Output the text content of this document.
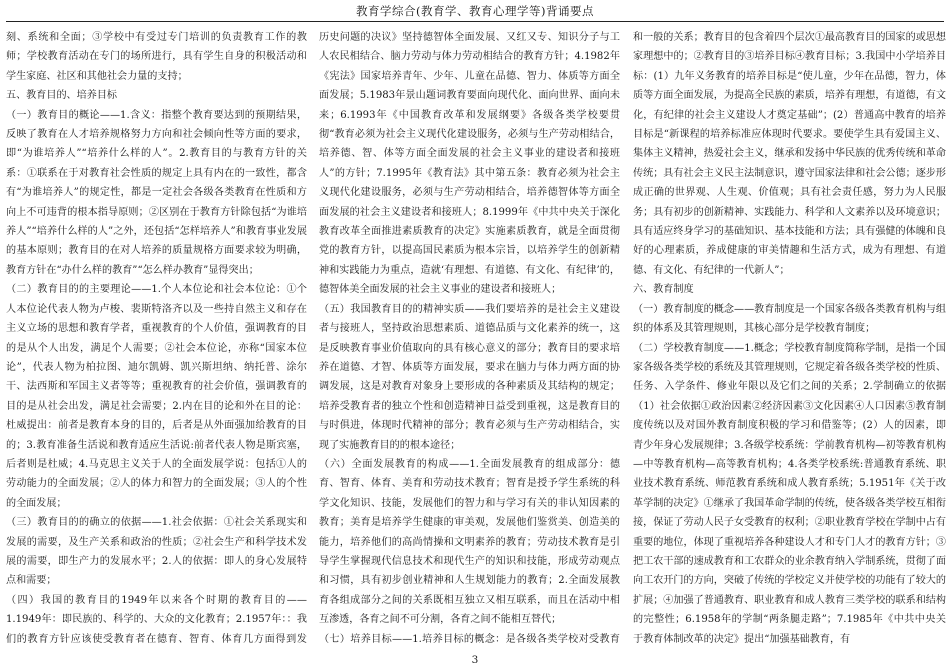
教育学综合(教育学、教育心理学等)背诵要点

刻、系统和全面；③学校中有受过专门培训的负责教育工作的教师；学校教育活动在专门的场所进行，具有学生自身的积极活动和学生家庭、社区和其他社会力量的支持；

五、教育目的、培养目标

（一）教育目的概论——1.含义：指整个教育要达到的预期结果，反映了教育在人才培养规格努力方向和社会倾向性等方面的要求，即“为谁培养人”“培养什么样的人”。2.教育目的与教育方针的关系：①联系在于对教育社会性质的规定上具有内在的一致性，都含有“为谁培养人”的规定性，都是一定社会各级各类教育在性质和方向上不可违背的根本指导原则；②区别在于教育方针除包括“为谁培养人”“培养什么样的人”之外，还包括“怎样培养人”和教育事业发展的基本原则；教育目的在对人培养的质量规格方面要求较为明确，教育方针在“办什么样的教育”“怎么样办教育”显得突出；

（二）教育目的的主要理论——1.个人本位论和社会本位论：①个人本位论代表人物为卢梭、裴斯特洛齐以及一些持自然主义和存在主义立场的思想和教育学者，重视教育的个人价值，强调教育的目的是从个人出发，满足个人需要；②社会本位论，亦称“国家本位论”，代表人物为柏拉图、迪尔凯姆、凯兴斯坦纳、纳托普、涂尔干、法西斯和军国主义者等等；重视教育的社会价值，强调教育的目的是从社会出发，满足社会需要；2.内在目的论和外在目的论：杜威提出：前者是教育本身的目的，后者是从外面强加给教育的目的；3.教育准备生活说和教育适应生活说:前者代表人物是斯宾塞，后者则是杜威；4.马克思主义关于人的全面发展学说：包括①人的劳动能力的全面发展；②人的体力和智力的全面发展；③人的个性的全面发展；

（三）教育目的的确立的依据——1.社会依据：①社会关系现实和发展的需要，及生产关系和政治的性质；②社会生产和科学技术发展的需要，即生产力的发展水平；2.人的依据：即人的身心发展特点和需要；

（四）我国的教育目的1949年以来各个时期的教育目的——1.1949年：即民族的、科学的、大众的文化教育；2.1957年：：我们的教育方针应该使受教育者在德育、智育、体育几方面得到发

历史问题的决议》坚持德智体全面发展、又红又专、知识分子与工人农民相结合、脑力劳动与体力劳动相结合的教育方针；4.1982年《宪法》国家培养青年、少年、儿童在品德、智力、体质等方面全面发展；5.1983年景山题词教育要面向现代化、面向世界、面向未来；6.1993年《中国教育改革和发展纲要》各级各类学校要贯彻“教育必须为社会主义现代化建设服务，必须与生产劳动相结合，培养德、智、体等方面全面发展的社会主义事业的建设者和接班人”的方针；7.1995年《教育法》其中第五条：教育必须为社会主义现代化建设服务，必须与生产劳动相结合，培养德智体等方面全面发展的社会主义建设者和接班人；8.1999年《中共中央关于深化教育改革全面推进素质教育的决定》实施素质教育，就是全面贯彻党的教育方针，以提高国民素质为根本宗旨，以培养学生的创新精神和实践能力为重点，造就‘有理想、有道德、有文化、有纪律’的，德智体美全面发展的社会主义事业的建设者和接班人；

（五）我国教育目的的精神实质——我们要培养的是社会主义建设者与接班人，坚持政治思想素质、道德品质与文化素养的统一，这是反映教育事业价值取向的具有核心意义的部分；教育目的要求培养在道德、才智、体质等方面发展，要求在脑力与体力两方面的协调发展，这是对教育对象身上要形成的各种素质及其结构的规定；培养受教育者的独立个性和创造精神日益受到重视，这是教育目的与时俱进，体现时代精神的部分；教育必须与生产劳动相结合，实现了实施教育目的的根本途径；

（六）全面发展教育的构成——1.全面发展教育的组成部分：德育、智育、体育、美育和劳动技术教育；智育是授予学生系统的科学文化知识、技能，发展他们的智力和与学习有关的非认知因素的教育；美育是培养学生健康的审美观，发展他们鉴赏美、创造美的能力，培养他们的高尚情操和文明素养的教育；劳动技术教育是引导学生掌握现代信息技术和现代生产的知识和技能，形成劳动观点和习惯，具有初步创业精神和人生规划能力的教育；2.全面发展教育各组成部分之间的关系既相互独立又相互联系，而且在活动中相互渗透，各育之间不可分割，各育之间不能相互替代；

（七）培养目标——1.培养目标的概念：是各级各类学校对受教育

和一般的关系；教育目的包含着四个层次①最高教育目的国家的或思想家理想中的；②教育目的③培养目标④教育目标；3.我国中小学培养目标：(1）九年义务教育的培养目标是“使儿童，少年在品德，智力，体质等方面全面发展，为提高全民族的素质，培养有理想，有道德，有文化，有纪律的社会主义建设人才奠定基础”；(2）普通高中教育的培养目标是“新课程的培养标准应体现时代要求。要使学生具有爱国主义、集体主义精神，热爱社会主义，继承和发扬中华民族的优秀传统和革命传统；具有社会主义民主法制意识，遵守国家法律和社会公德；逐步形成正确的世界观、人生观、价值观；具有社会责任感，努力为人民服务；具有初步的创新精神、实践能力、科学和人文素养以及环境意识；具有适应终身学习的基础知识、基本技能和方法；具有强健的体魄和良好的心理素质，养成健康的审美情趣和生活方式，成为有理想、有道德、有文化、有纪律的一代新人”；

六、教育制度

（一）教育制度的概念——教育制度是一个国家各级各类教育机构与组织的体系及其管理规则，其核心部分是学校教育制度；

（二）学校教育制度——1.概念；学校教育制度简称学制，是指一个国家各级各类学校的系统及其管理规则，它规定着各级各类学校的性质、任务、入学条件、修业年限以及它们之间的关系；2.学制确立的依据（1）社会依据①政治因素②经济因素③文化因素④人口因素⑤教育制度传统以及对国外教育制度积极的学习和借鉴等；(2）人的因素，即青少年身心发展规律；3.各级学校系统：学前教育机构—初等教育机构—中等教育机构—高等教育机构；4.各类学校系统:普通教育系统、职业技术教育系统、师范教育系统和成人教育系统；5.1951年《关于改革学制的决定》①继承了我国革命学制的传统，使各级各类学校互相衔接，保证了劳动人民子女受教育的权利；②职业教育学校在学制中占有重要的地位，体现了重视培养各种建设人才和专门人才的教育方针；③把工农干部的速成教育和工农群众的业余教育纳入学制系统，贯彻了面向工农开门的方向，突破了传统的学校定义并使学校的功能有了较大的扩展；④加强了普通教育、职业教育和成人教育三类学校的联系和结构的完整性；6.1958年的学制“两条腿走路”；7.1985年《中共中央关于教育体制改革的决定》提出“加强基础教育，有

3
